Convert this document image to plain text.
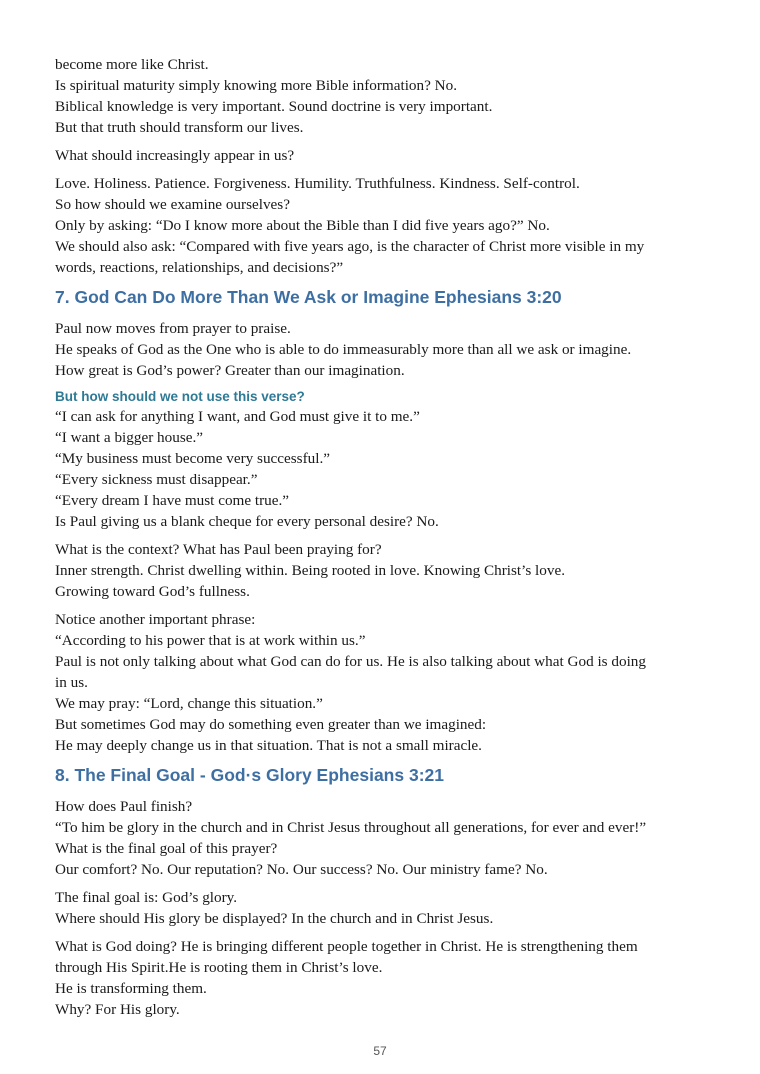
become more like Christ.
Is spiritual maturity simply knowing more Bible information? No.
Biblical knowledge is very important. Sound doctrine is very important.
But that truth should transform our lives.
What should increasingly appear in us?
Love. Holiness. Patience. Forgiveness. Humility. Truthfulness. Kindness. Self-control.
So how should we examine ourselves?
Only by asking: “Do I know more about the Bible than I did five years ago?” No.
We should also ask: “Compared with five years ago, is the character of Christ more visible in my
words, reactions, relationships, and decisions?”
7. God Can Do More Than We Ask or Imagine Ephesians 3:20
Paul now moves from prayer to praise.
He speaks of God as the One who is able to do immeasurably more than all we ask or imagine.
How great is God’s power? Greater than our imagination.
But how should we not use this verse?
“I can ask for anything I want, and God must give it to me.”
“I want a bigger house.”
“My business must become very successful.”
“Every sickness must disappear.”
“Every dream I have must come true.”
Is Paul giving us a blank cheque for every personal desire? No.
What is the context? What has Paul been praying for?
Inner strength. Christ dwelling within. Being rooted in love. Knowing Christ’s love.
Growing toward God’s fullness.
Notice another important phrase:
“According to his power that is at work within us.”
Paul is not only talking about what God can do for us. He is also talking about what God is doing
in us.
We may pray: “Lord, change this situation.”
But sometimes God may do something even greater than we imagined:
He may deeply change us in that situation. That is not a small miracle.
8. The Final Goal - God·s Glory Ephesians 3:21
How does Paul finish?
“To him be glory in the church and in Christ Jesus throughout all generations, for ever and ever!”
What is the final goal of this prayer?
Our comfort? No. Our reputation? No. Our success? No. Our ministry fame? No.
The final goal is: God’s glory.
Where should His glory be displayed? In the church and in Christ Jesus.
What is God doing? He is bringing different people together in Christ. He is strengthening them
through His Spirit.He is rooting them in Christ’s love.
He is transforming them.
Why? For His glory.
57
